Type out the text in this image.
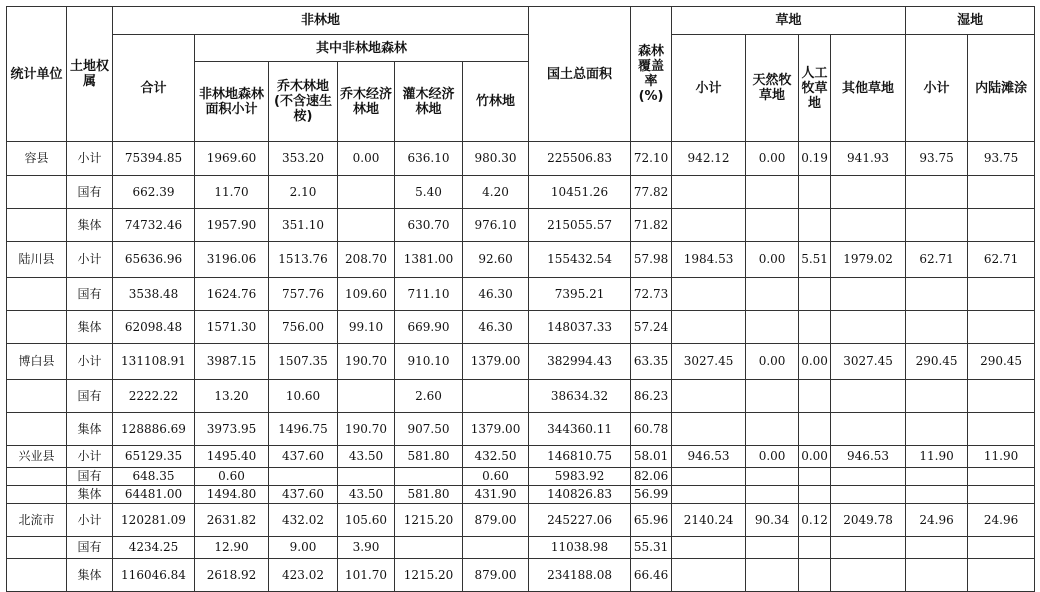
统计单位	土地权属	非林地						国土总面积	森林覆盖率(%)	草地				湿地	
		合计	其中非林地森林							小计	天然牧草地	人工牧草地	其他草地	小计	内陆滩涂
			非林地森林面积小计	乔木林地(不含速生桉)	乔木经济林地	灌木经济林地	竹林地								
容县	小计	75394.85	1969.60	353.20	0.00	636.10	980.30	225506.83	72.10	942.12	0.00	0.19	941.93	93.75	93.75
	国有	662.39	11.70	2.10		5.40	4.20	10451.26	77.82						
	集体	74732.46	1957.90	351.10		630.70	976.10	215055.57	71.82						
陆川县	小计	65636.96	3196.06	1513.76	208.70	1381.00	92.60	155432.54	57.98	1984.53	0.00	5.51	1979.02	62.71	62.71
	国有	3538.48	1624.76	757.76	109.60	711.10	46.30	7395.21	72.73						
	集体	62098.48	1571.30	756.00	99.10	669.90	46.30	148037.33	57.24						
博白县	小计	131108.91	3987.15	1507.35	190.70	910.10	1379.00	382994.43	63.35	3027.45	0.00	0.00	3027.45	290.45	290.45
	国有	2222.22	13.20	10.60		2.60		38634.32	86.23						
	集体	128886.69	3973.95	1496.75	190.70	907.50	1379.00	344360.11	60.78						
兴业县	小计	65129.35	1495.40	437.60	43.50	581.80	432.50	146810.75	58.01	946.53	0.00	0.00	946.53	11.90	11.90
	国有	648.35	0.60				0.60	5983.92	82.06						
	集体	64481.00	1494.80	437.60	43.50	581.80	431.90	140826.83	56.99						
北流市	小计	120281.09	2631.82	432.02	105.60	1215.20	879.00	245227.06	65.96	2140.24	90.34	0.12	2049.78	24.96	24.96
	国有	4234.25	12.90	9.00	3.90			11038.98	55.31						
	集体	116046.84	2618.92	423.02	101.70	1215.20	879.00	234188.08	66.46						
